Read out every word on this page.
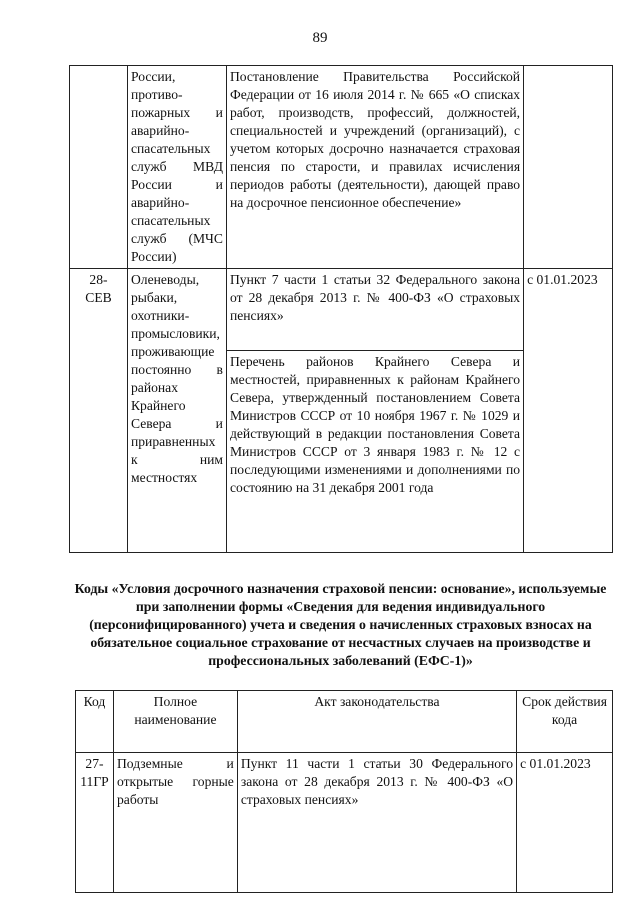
89
	России, противо-пожарных и аварийно-спасательных служб МВД России и аварийно-спасательных служб (МЧС России)	Постановление Правительства Российской Федерации от 16 июля 2014 г. № 665 «О списках работ, производств, профессий, должностей, специальностей и учреждений (организаций), с учетом которых досрочно назначается страховая пенсия по старости, и правилах исчисления периодов работы (деятельности), дающей право на досрочное пенсионное обеспечение»	
28-СЕВ	Оленеводы, рыбаки, охотники-промысловики, проживающие постоянно в районах Крайнего Севера и приравненных к ним местностях	Пункт 7 части 1 статьи 32 Федерального закона от 28 декабря 2013 г. № 400-ФЗ «О страховых пенсиях»	с 01.01.2023
		Перечень районов Крайнего Севера и местностей, приравненных к районам Крайнего Севера, утвержденный постановлением Совета Министров СССР от 10 ноября 1967 г. № 1029 и действующий в редакции постановления Совета Министров СССР от 3 января 1983 г. № 12 с последующими изменениями и дополнениями по состоянию на 31 декабря 2001 года	
Коды «Условия досрочного назначения страховой пенсии: основание», используемые при заполнении формы «Сведения для ведения индивидуального (персонифицированного) учета и сведения о начисленных страховых взносах на обязательное социальное страхование от несчастных случаев на производстве и профессиональных заболеваний (ЕФС-1)»
Код	Полное наименование	Акт законодательства	Срок действия кода
27-11ГР	Подземные и открытые горные работы	Пункт 11 части 1 статьи 30 Федерального закона от 28 декабря 2013 г. № 400-ФЗ «О страховых пенсиях»	с 01.01.2023
